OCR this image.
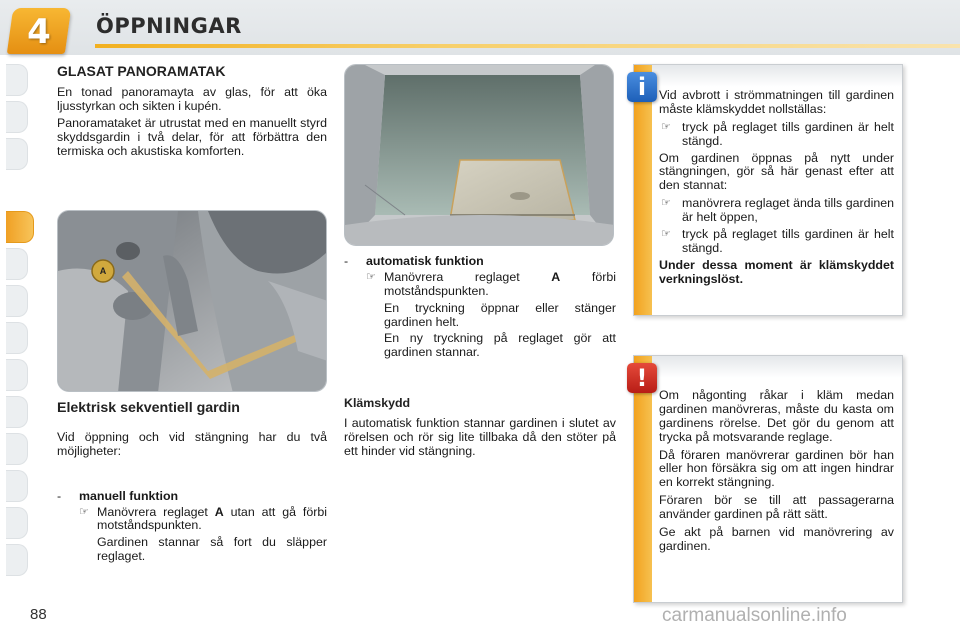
4	ÖPPNINGAR
GLASAT PANORAMATAK

En tonad panoramayta av glas, för att öka ljusstyrkan och sikten i kupén.

Panoramataket är utrustat med en manuellt styrd skyddsgardin i två delar, för att förbättra den termiska och akustiska komforten.

A
Elektrisk sekventiell gardin

Vid öppning och vid stängning har du två möjligheter:

- manuell funktion
☞ Manövrera reglaget A utan att gå förbi motståndspunkten.

Gardinen stannar så fort du släpper reglaget.

- automatisk funktion
☞ Manövrera reglaget A förbi motståndspunkten.

En tryckning öppnar eller stänger gardinen helt.

En ny tryckning på reglaget gör att gardinen stannar.

Klämskydd

I automatisk funktion stannar gardinen i slutet av rörelsen och rör sig lite tillbaka då den stöter på ett hinder vid stängning.

Vid avbrott i strömmatningen till gardinen måste klämskyddet nollställas:

☞ tryck på reglaget tills gardinen är helt stängd.

Om gardinen öppnas på nytt under stängningen, gör så här genast efter att den stannat:

☞ manövrera reglaget ända tills gardinen är helt öppen,
☞ tryck på reglaget tills gardinen är helt stängd.

Under dessa moment är klämskyddet verkningslöst.

i

Om någonting råkar i kläm medan gardinen manövreras, måste du kasta om gardinens rörelse. Det gör du genom att trycka på motsvarande reglage.

Då föraren manövrerar gardinen bör han eller hon försäkra sig om att ingen hindrar en korrekt stängning.

Föraren bör se till att passagerarna använder gardinen på rätt sätt.

Ge akt på barnen vid manövrering av gardinen.

!
88	carmanualsonline.info
